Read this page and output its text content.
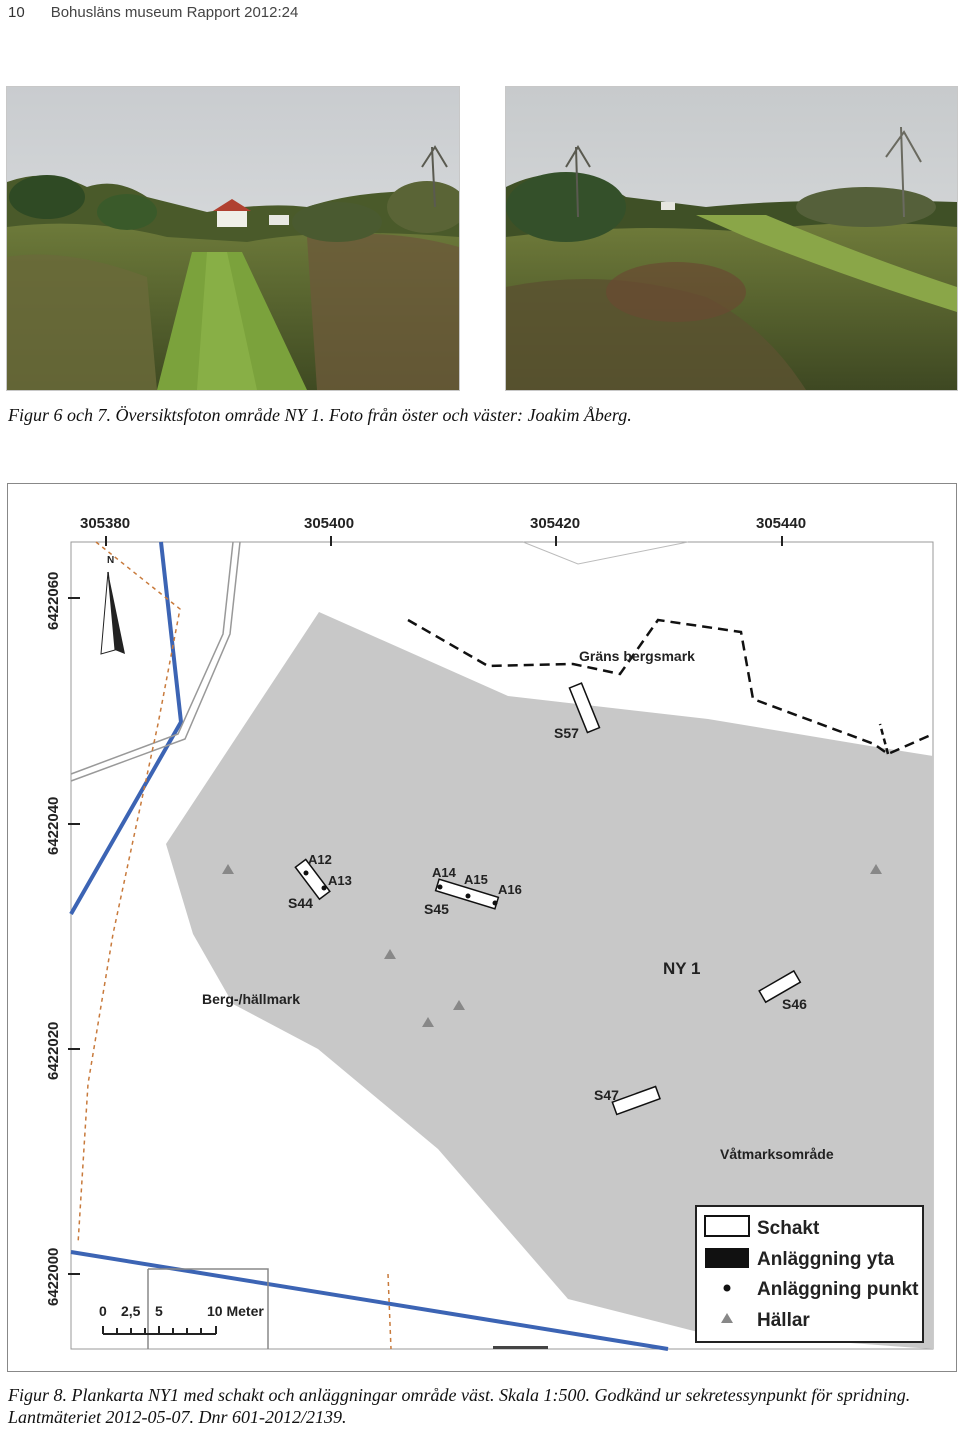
10 Bohusläns museum Rapport 2012:24
Figur 6 och 7. Översiktsfoton område NY 1. Foto från öster och väster: Joakim Åberg.
305380	305400	305420	305440
6422060
6422040
6422020
6422000
N
Gräns bergsmark
Berg-/hällmark
NY 1
Våtmarksområde
S57
S44
A12
A13
S45
A14 A15
A16
S46
S47
0 2,5 5	10 Meter
Schakt
Anläggning yta
Anläggning punkt
Hällar
Figur 8. Plankarta NY1 med schakt och anläggningar område väst. Skala 1:500. Godkänd ur sekretessynpunkt för spridning.
Lantmäteriet 2012-05-07. Dnr 601-2012/2139.
